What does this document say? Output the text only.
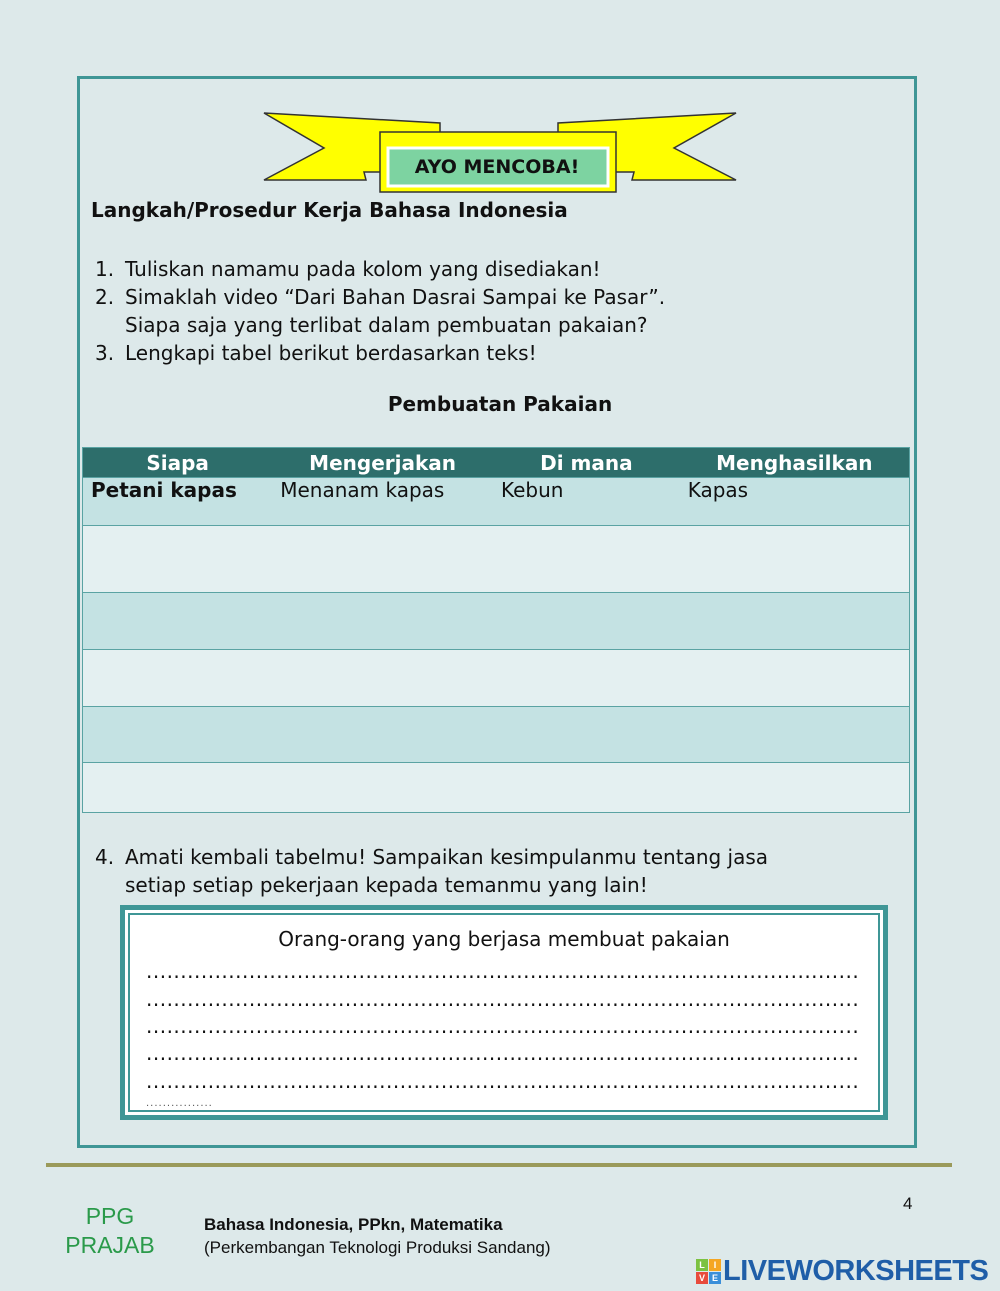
AYO MENCOBA!
Langkah/Prosedur Kerja Bahasa Indonesia
1. Tuliskan namamu pada kolom yang disediakan!
2. Simaklah video “Dari Bahan Dasrai Sampai ke Pasar”.
Siapa saja yang terlibat dalam pembuatan pakaian?
3. Lengkapi tabel berikut berdasarkan teks!
Pembuatan Pakaian
Siapa	Mengerjakan	Di mana	Menghasilkan
Petani kapas	Menanam kapas	Kebun	Kapas

4. Amati kembali tabelmu! Sampaikan kesimpulanmu tentang jasa
setiap setiap pekerjaan kepada temanmu yang lain!
Orang-orang yang berjasa membuat pakaian
........................................................................................................
........................................................................................................
........................................................................................................
........................................................................................................
........................................................................................................
................
PPG
PRAJAB
Bahasa Indonesia, PPkn, Matematika
(Perkembangan Teknologi Produksi Sandang)
4
L I
V E LIVEWORKSHEETS
